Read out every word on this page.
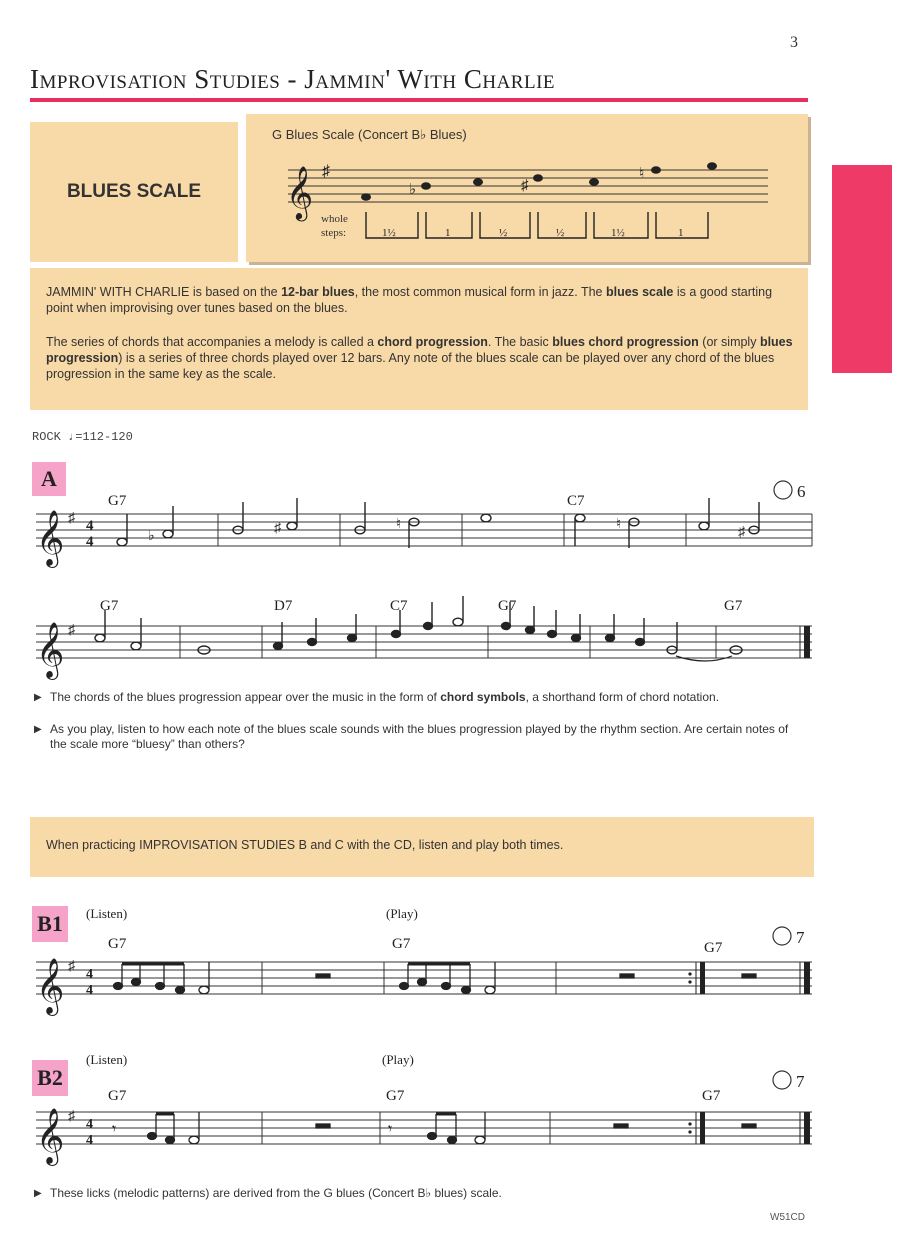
3
Improvisation Studies - Jammin' With Charlie
BLUES SCALE
G Blues Scale (Concert B♭ Blues)
𝄞 ♯
♭	♯
♮
whole
steps:	1½	1	½	½	1½	1
JAMMIN' WITH CHARLIE is based on the 12-bar blues, the most common musical form in jazz. The blues scale is a good starting point when improvising over tunes based on the blues.
The series of chords that accompanies a melody is called a chord progression. The basic blues chord progression (or simply blues progression) is a series of three chords played over 12 bars. Any note of the blues scale can be played over any chord of the blues progression in the same key as the scale.
ROCK ♩=112-120
A
6
G7	C7
𝄞 ♯ 4
4	♭
♯	♮	♮
♯
G7	D7	C7	G7	G7
𝄞 ♯
▶ The chords of the blues progression appear over the music in the form of chord symbols, a shorthand form of chord notation.
▶ As you play, listen to how each note of the blues scale sounds with the blues progression played by the rhythm section. Are certain notes of the scale more “bluesy” than others?
When practicing IMPROVISATION STUDIES B and C with the CD, listen and play both times.
B1	(Listen)	(Play)
7
G7	G7	G7
𝄞 ♯
4
4
B2
(Listen)	(Play)
7
G7	G7	G7
𝄞 ♯
4
4
𝄾	𝄾
▶ These licks (melodic patterns) are derived from the G blues (Concert B♭ blues) scale.
W51CD
